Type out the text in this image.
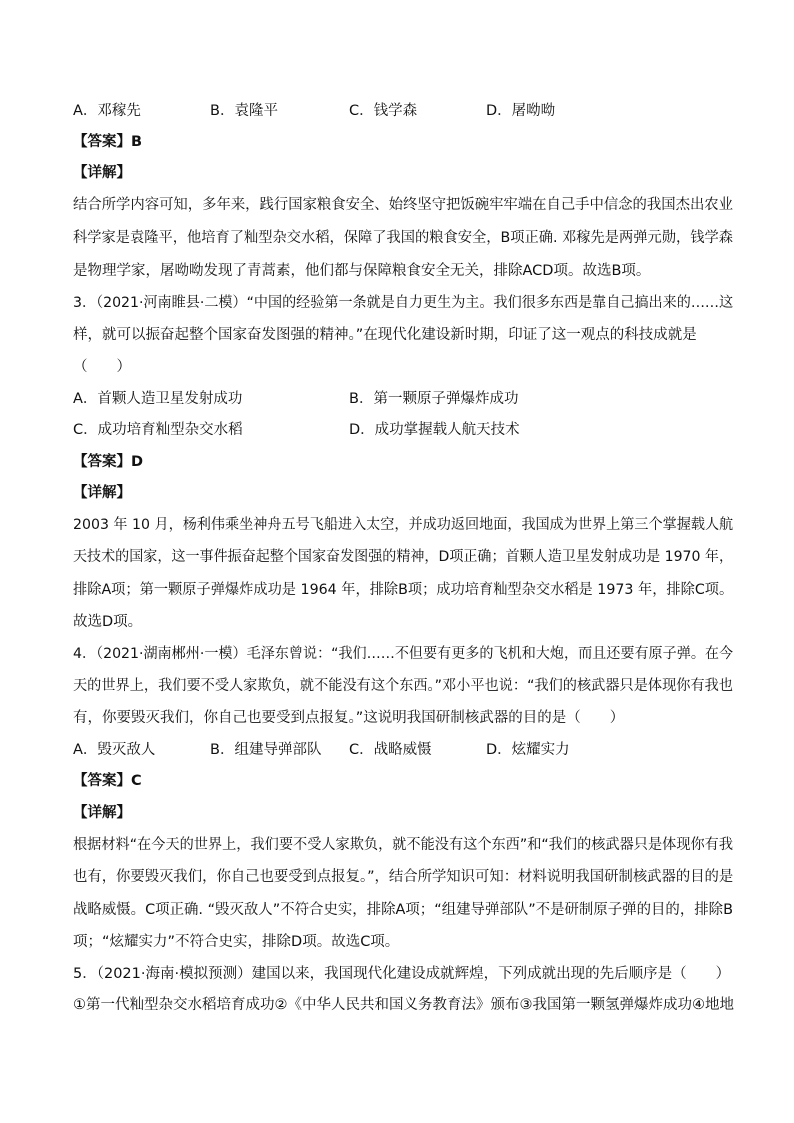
A．邓稼先	B．袁隆平	C．钱学森	D．屠呦呦
【答案】B
【详解】
结合所学内容可知，多年来，践行国家粮食安全、始终坚守把饭碗牢牢端在自己手中信念的我国杰出农业
科学家是袁隆平，他培育了籼型杂交水稻，保障了我国的粮食安全，B项正确. 邓稼先是两弹元勋，钱学森
是物理学家，屠呦呦发现了青蒿素，他们都与保障粮食安全无关，排除ACD项。故选B项。
3．（2021·河南睢县·二模）“中国的经验第一条就是自力更生为主。我们很多东西是靠自己搞出来的……这
样，就可以振奋起整个国家奋发图强的精神。”在现代化建设新时期，印证了这一观点的科技成就是
（　　）
A．首颗人造卫星发射成功	B．第一颗原子弹爆炸成功
C．成功培育籼型杂交水稻	D．成功掌握载人航天技术
【答案】D
【详解】
2003 年 10 月，杨利伟乘坐神舟五号飞船进入太空，并成功返回地面，我国成为世界上第三个掌握载人航
天技术的国家，这一事件振奋起整个国家奋发图强的精神，D项正确；首颗人造卫星发射成功是 1970 年，
排除A项；第一颗原子弹爆炸成功是 1964 年，排除B项；成功培育籼型杂交水稻是 1973 年，排除C项。
故选D项。
4．（2021·湖南郴州·一模）毛泽东曾说：“我们……不但要有更多的飞机和大炮，而且还要有原子弹。在今
天的世界上，我们要不受人家欺负，就不能没有这个东西。”邓小平也说：“我们的核武器只是体现你有我也
有，你要毁灭我们，你自己也要受到点报复。”这说明我国研制核武器的目的是（　　）
A．毁灭敌人	B．组建导弹部队 C．战略威慑	D．炫耀实力
【答案】C
【详解】
根据材料“在今天的世界上，我们要不受人家欺负，就不能没有这个东西”和“我们的核武器只是体现你有我
也有，你要毁灭我们，你自己也要受到点报复。”，结合所学知识可知：材料说明我国研制核武器的目的是
战略威慑。C项正确. “毁灭敌人”不符合史实，排除A项；“组建导弹部队”不是研制原子弹的目的，排除B
项；“炫耀实力”不符合史实，排除D项。故选C项。
5．（2021·海南·模拟预测）建国以来，我国现代化建设成就辉煌，下列成就出现的先后顺序是（　　）
①第一代籼型杂交水稻培育成功②《中华人民共和国义务教育法》颁布③我国第一颗氢弹爆炸成功④地地
